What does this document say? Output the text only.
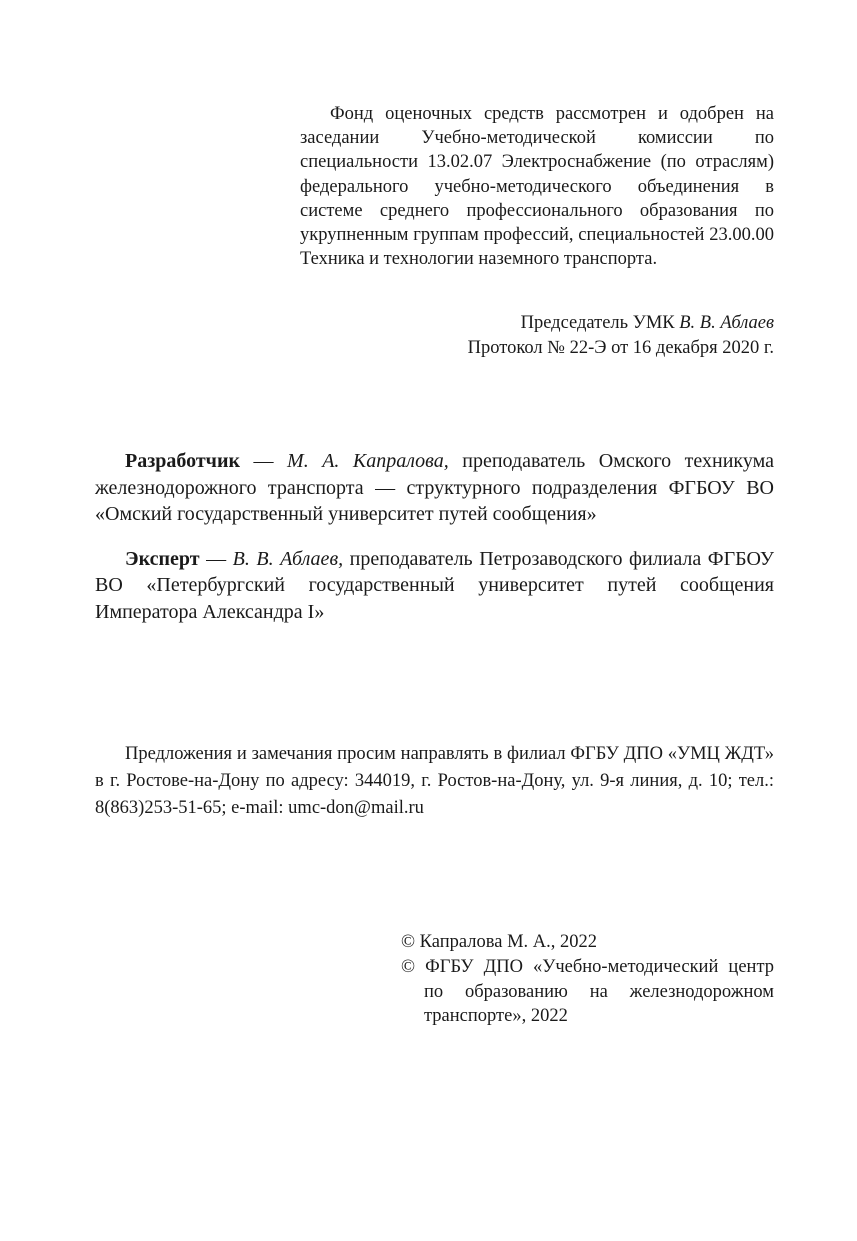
Фонд оценочных средств рассмотрен и одобрен на заседании Учебно-методической комиссии по специальности 13.02.07 Электроснабжение (по отраслям) федерального учебно-методического объединения в системе среднего профессионального образования по укрупненным группам профессий, специальностей 23.00.00 Техника и технологии наземного транспорта.

Председатель УМК В. В. Аблаев
Протокол № 22-Э от 16 декабря 2020 г.

Разработчик — М. А. Капралова, преподаватель Омского техникума железнодорожного транспорта — структурного подразделения ФГБОУ ВО «Омский государственный университет путей сообщения»

Эксперт — В. В. Аблаев, преподаватель Петрозаводского филиала ФГБОУ ВО «Петербургский государственный университет путей сообщения Императора Александра I»

Предложения и замечания просим направлять в филиал ФГБУ ДПО «УМЦ ЖДТ» в г. Ростове-на-Дону по адресу: 344019, г. Ростов-на-Дону, ул. 9-я линия, д. 10; тел.: 8(863)253-51-65; e-mail: umc-don@mail.ru

© Капралова М. А., 2022
© ФГБУ ДПО «Учебно-методический центр по образованию на железнодорожном транспорте», 2022
